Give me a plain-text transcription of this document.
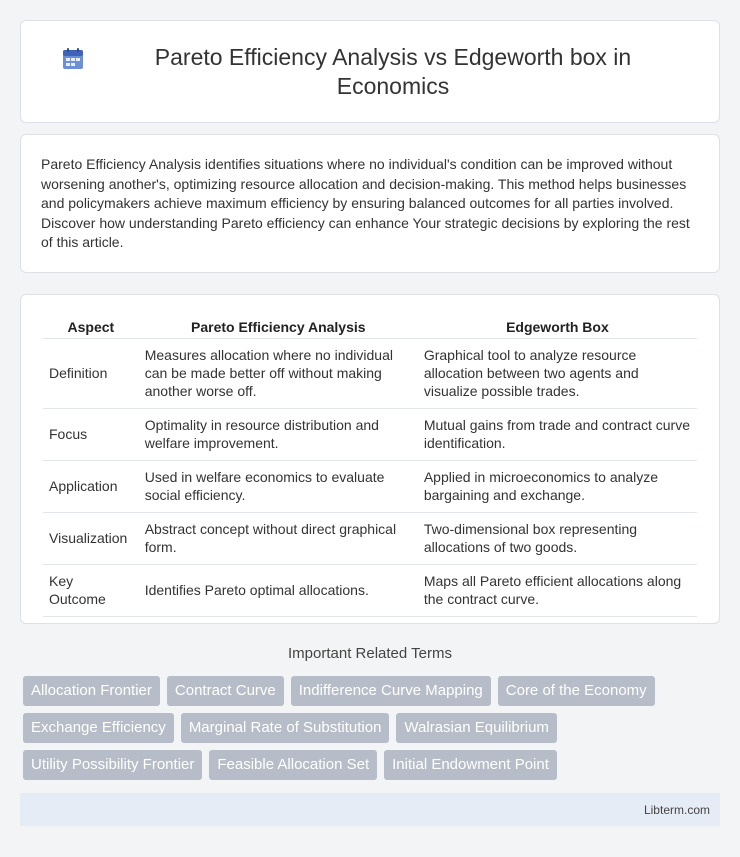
Pareto Efficiency Analysis vs Edgeworth box in Economics

Pareto Efficiency Analysis identifies situations where no individual's condition can be improved without worsening another's, optimizing resource allocation and decision-making. This method helps businesses and policymakers achieve maximum efficiency by ensuring balanced outcomes for all parties involved. Discover how understanding Pareto efficiency can enhance Your strategic decisions by exploring the rest of this article.

Aspect	Pareto Efficiency Analysis	Edgeworth Box
Definition	Measures allocation where no individual can be made better off without making another worse off.	Graphical tool to analyze resource allocation between two agents and visualize possible trades.
Focus	Optimality in resource distribution and welfare improvement.	Mutual gains from trade and contract curve identification.
Application	Used in welfare economics to evaluate social efficiency.	Applied in microeconomics to analyze bargaining and exchange.
Visualization	Abstract concept without direct graphical form.	Two-dimensional box representing allocations of two goods.
Key Outcome	Identifies Pareto optimal allocations.	Maps all Pareto efficient allocations along the contract curve.
Important Related Terms
Allocation Frontier	Contract Curve	Indifference Curve Mapping	Core of the Economy
Exchange Efficiency	Marginal Rate of Substitution	Walrasian Equilibrium
Utility Possibility Frontier	Feasible Allocation Set	Initial Endowment Point
Libterm.com
